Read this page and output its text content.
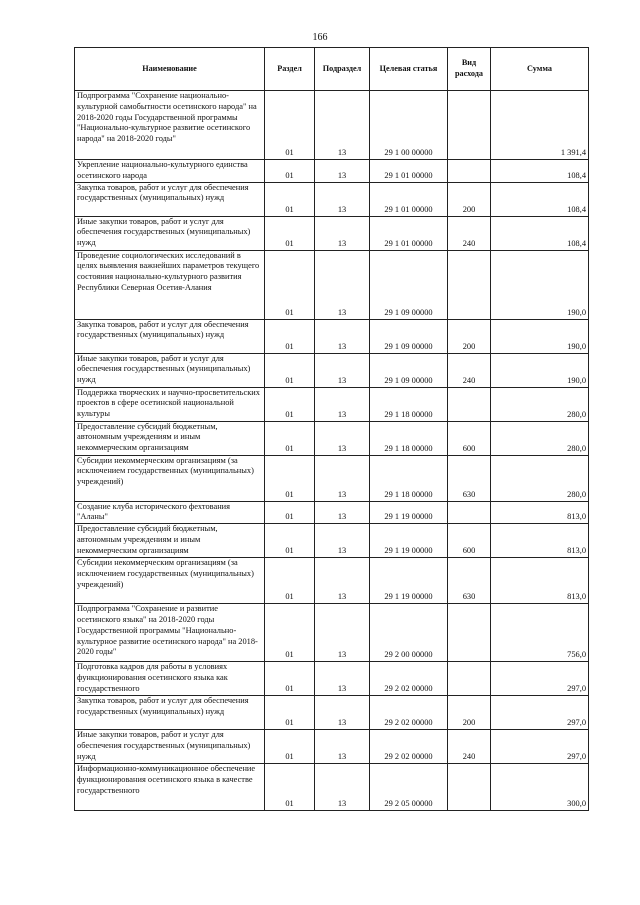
166
Наименование	Раздел	Подраздел	Целевая статья	Вид расхода	Сумма
Подпрограмма "Сохранение национально-культурной самобытности осетинского народа" на 2018-2020 годы Государственной программы "Национально-культурное развитие осетинского народа" на 2018-2020 годы"	01	13	29 1 00 00000		1 391,4
Укрепление национально-культурного единства осетинского народа	01	13	29 1 01 00000		108,4
Закупка товаров, работ и услуг для обеспечения государственных (муниципальных) нужд	01	13	29 1 01 00000	200	108,4
Иные закупки товаров, работ и услуг для обеспечения государственных (муниципальных) нужд	01	13	29 1 01 00000	240	108,4
Проведение социологических исследований в целях выявления важнейших параметров текущего состояния национально-культурного развития Республики Северная Осетия-Алания	01	13	29 1 09 00000		190,0
Закупка товаров, работ и услуг для обеспечения государственных (муниципальных) нужд	01	13	29 1 09 00000	200	190,0
Иные закупки товаров, работ и услуг для обеспечения государственных (муниципальных) нужд	01	13	29 1 09 00000	240	190,0
Поддержка творческих и научно-просветительских проектов в сфере осетинской национальной культуры	01	13	29 1 18 00000		280,0
Предоставление субсидий бюджетным, автономным учреждениям и иным некоммерческим организациям	01	13	29 1 18 00000	600	280,0
Субсидии некоммерческим организациям (за исключением государственных (муниципальных) учреждений)	01	13	29 1 18 00000	630	280,0
Создание клуба исторического фехтования "Аланы"	01	13	29 1 19 00000		813,0
Предоставление субсидий бюджетным, автономным учреждениям и иным некоммерческим организациям	01	13	29 1 19 00000	600	813,0
Субсидии некоммерческим организациям (за исключением государственных (муниципальных) учреждений)	01	13	29 1 19 00000	630	813,0
Подпрограмма "Сохранение и развитие осетинского языка" на 2018-2020 годы Государственной программы "Национально-культурное развитие осетинского народа" на 2018-2020 годы"	01	13	29 2 00 00000		756,0
Подготовка кадров для работы в условиях функционирования осетинского языка как государственного	01	13	29 2 02 00000		297,0
Закупка товаров, работ и услуг для обеспечения государственных (муниципальных) нужд	01	13	29 2 02 00000	200	297,0
Иные закупки товаров, работ и услуг для обеспечения государственных (муниципальных) нужд	01	13	29 2 02 00000	240	297,0
Информационно-коммуникационное обеспечение функционирования осетинского языка в качестве государственного	01	13	29 2 05 00000		300,0
